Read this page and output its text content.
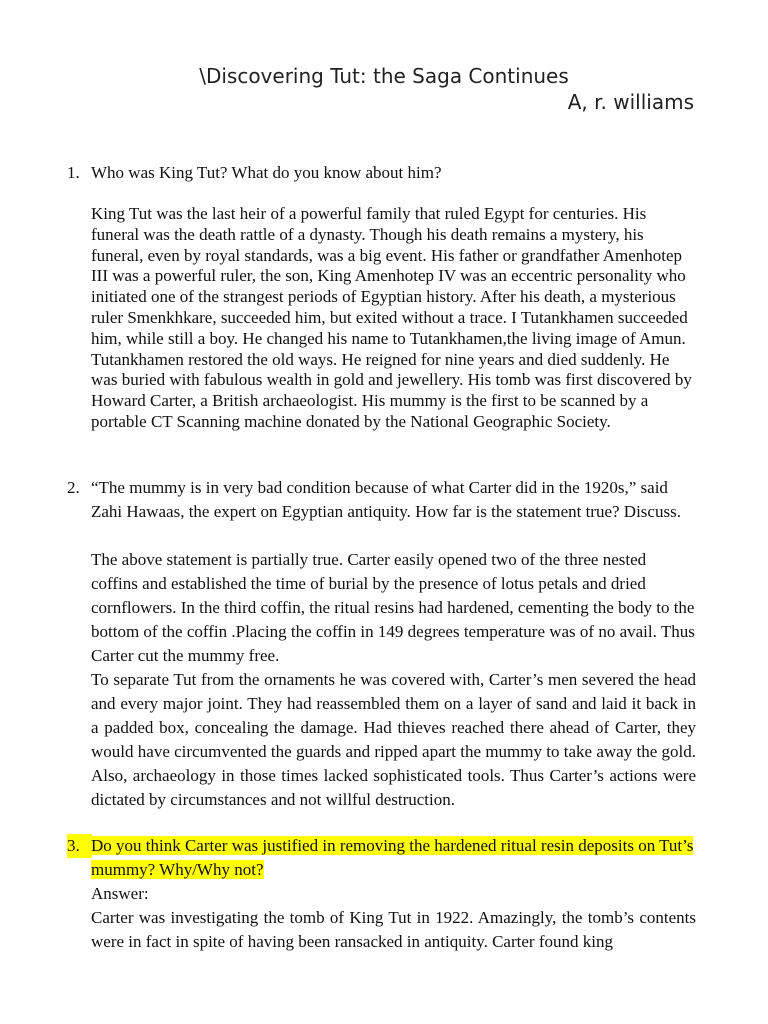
\Discovering Tut: the Saga Continues
A, r. williams
1. Who was King Tut? What do you know about him?

King Tut was the last heir of a powerful family that ruled Egypt for centuries. His funeral was the death rattle of a dynasty. Though his death remains a mystery, his funeral, even by royal standards, was a big event. His father or grandfather Amenhotep III was a powerful ruler, the son, King Amenhotep IV was an eccentric personality who initiated one of the strangest periods of Egyptian history. After his death, a mysterious ruler Smenkhkare, succeeded him, but exited without a trace. I Tutankhamen succeeded him, while still a boy. He changed his name to Tutankhamen,the living image of Amun. Tutankhamen restored the old ways. He reigned for nine years and died suddenly. He was buried with fabulous wealth in gold and jewellery. His tomb was first discovered by Howard Carter, a British archaeologist. His mummy is the first to be scanned by a portable CT Scanning machine donated by the National Geographic Society.

2. “The mummy is in very bad condition because of what Carter did in the 1920s,” said Zahi Hawaas, the expert on Egyptian antiquity. How far is the statement true? Discuss.

The above statement is partially true. Carter easily opened two of the three nested coffins and established the time of burial by the presence of lotus petals and dried cornflowers. In the third coffin, the ritual resins had hardened, cementing the body to the bottom of the coffin .Placing the coffin in 149 degrees temperature was of no avail. Thus Carter cut the mummy free.

To separate Tut from the ornaments he was covered with, Carter’s men severed the head and every major joint. They had reassembled them on a layer of sand and laid it back in a padded box, concealing the damage. Had thieves reached there ahead of Carter, they would have circumvented the guards and ripped apart the mummy to take away the gold. Also, archaeology in those times lacked sophisticated tools. Thus Carter’s actions were dictated by circumstances and not willful destruction.

3. Do you think Carter was justified in removing the hardened ritual resin deposits on Tut’s mummy? Why/Why not?

Answer:

Carter was investigating the tomb of King Tut in 1922. Amazingly, the tomb’s contents were in fact in spite of having been ransacked in antiquity. Carter found king
